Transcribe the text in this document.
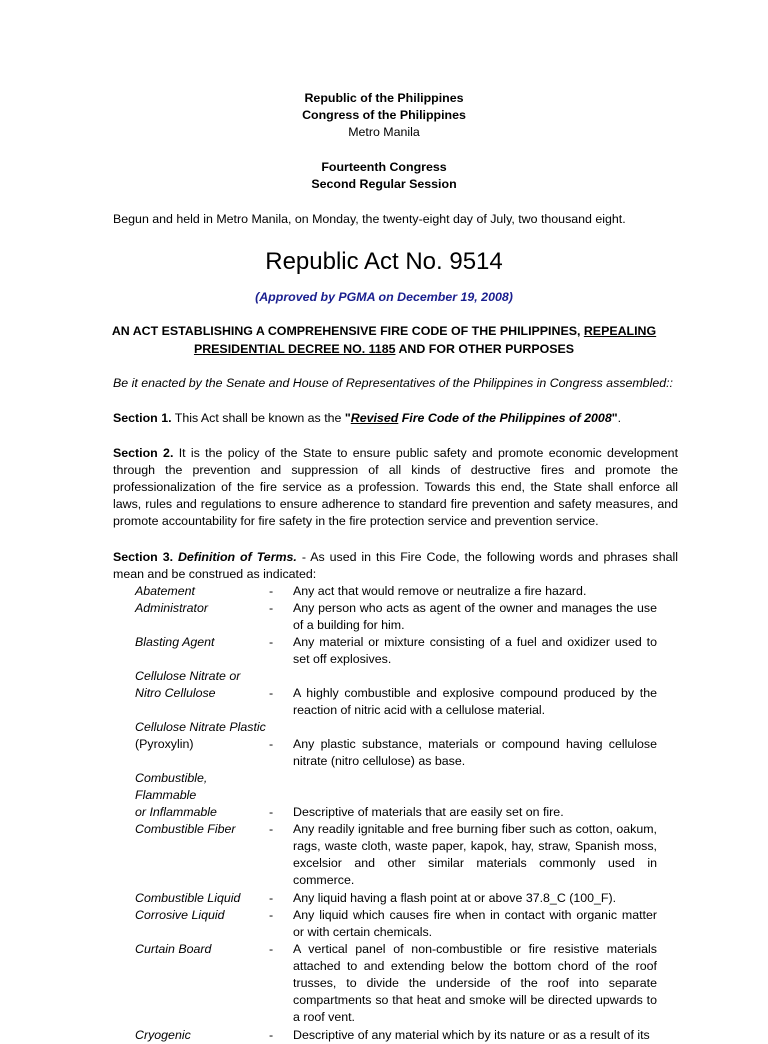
Republic of the Philippines
Congress of the Philippines
Metro Manila
Fourteenth Congress
Second Regular Session
Begun and held in Metro Manila, on Monday, the twenty-eight day of July, two thousand eight.
Republic Act No. 9514
(Approved by PGMA on December 19, 2008)
AN ACT ESTABLISHING A COMPREHENSIVE FIRE CODE OF THE PHILIPPINES, REPEALING
PRESIDENTIAL DECREE NO. 1185 AND FOR OTHER PURPOSES
Be it enacted by the Senate and House of Representatives of the Philippines in Congress assembled::
Section 1. This Act shall be known as the "Revised Fire Code of the Philippines of 2008".
Section 2. It is the policy of the State to ensure public safety and promote economic development through the prevention and suppression of all kinds of destructive fires and promote the professionalization of the fire service as a profession. Towards this end, the State shall enforce all laws, rules and regulations to ensure adherence to standard fire prevention and safety measures, and promote accountability for fire safety in the fire protection service and prevention service.
Section 3. Definition of Terms. - As used in this Fire Code, the following words and phrases shall mean and be construed as indicated:
Abatement	-	Any act that would remove or neutralize a fire hazard.
Administrator	-	Any person who acts as agent of the owner and manages the use of a building for him.
Blasting Agent	-	Any material or mixture consisting of a fuel and oxidizer used to set off explosives.
Cellulose Nitrate or
Nitro Cellulose	-	A highly combustible and explosive compound produced by the reaction of nitric acid with a cellulose material.
Cellulose Nitrate Plastic
(Pyroxylin)	-	Any plastic substance, materials or compound having cellulose nitrate (nitro cellulose) as base.
Combustible, Flammable
or Inflammable	-	Descriptive of materials that are easily set on fire.
Combustible Fiber	-	Any readily ignitable and free burning fiber such as cotton, oakum, rags, waste cloth, waste paper, kapok, hay, straw, Spanish moss, excelsior and other similar materials commonly used in commerce.
Combustible Liquid	-	Any liquid having a flash point at or above 37.8_C (100_F).
Corrosive Liquid	-	Any liquid which causes fire when in contact with organic matter or with certain chemicals.
Curtain Board	-	A vertical panel of non-combustible or fire resistive materials attached to and extending below the bottom chord of the roof trusses, to divide the underside of the roof into separate compartments so that heat and smoke will be directed upwards to a roof vent.
Cryogenic	-	Descriptive of any material which by its nature or as a result of its
